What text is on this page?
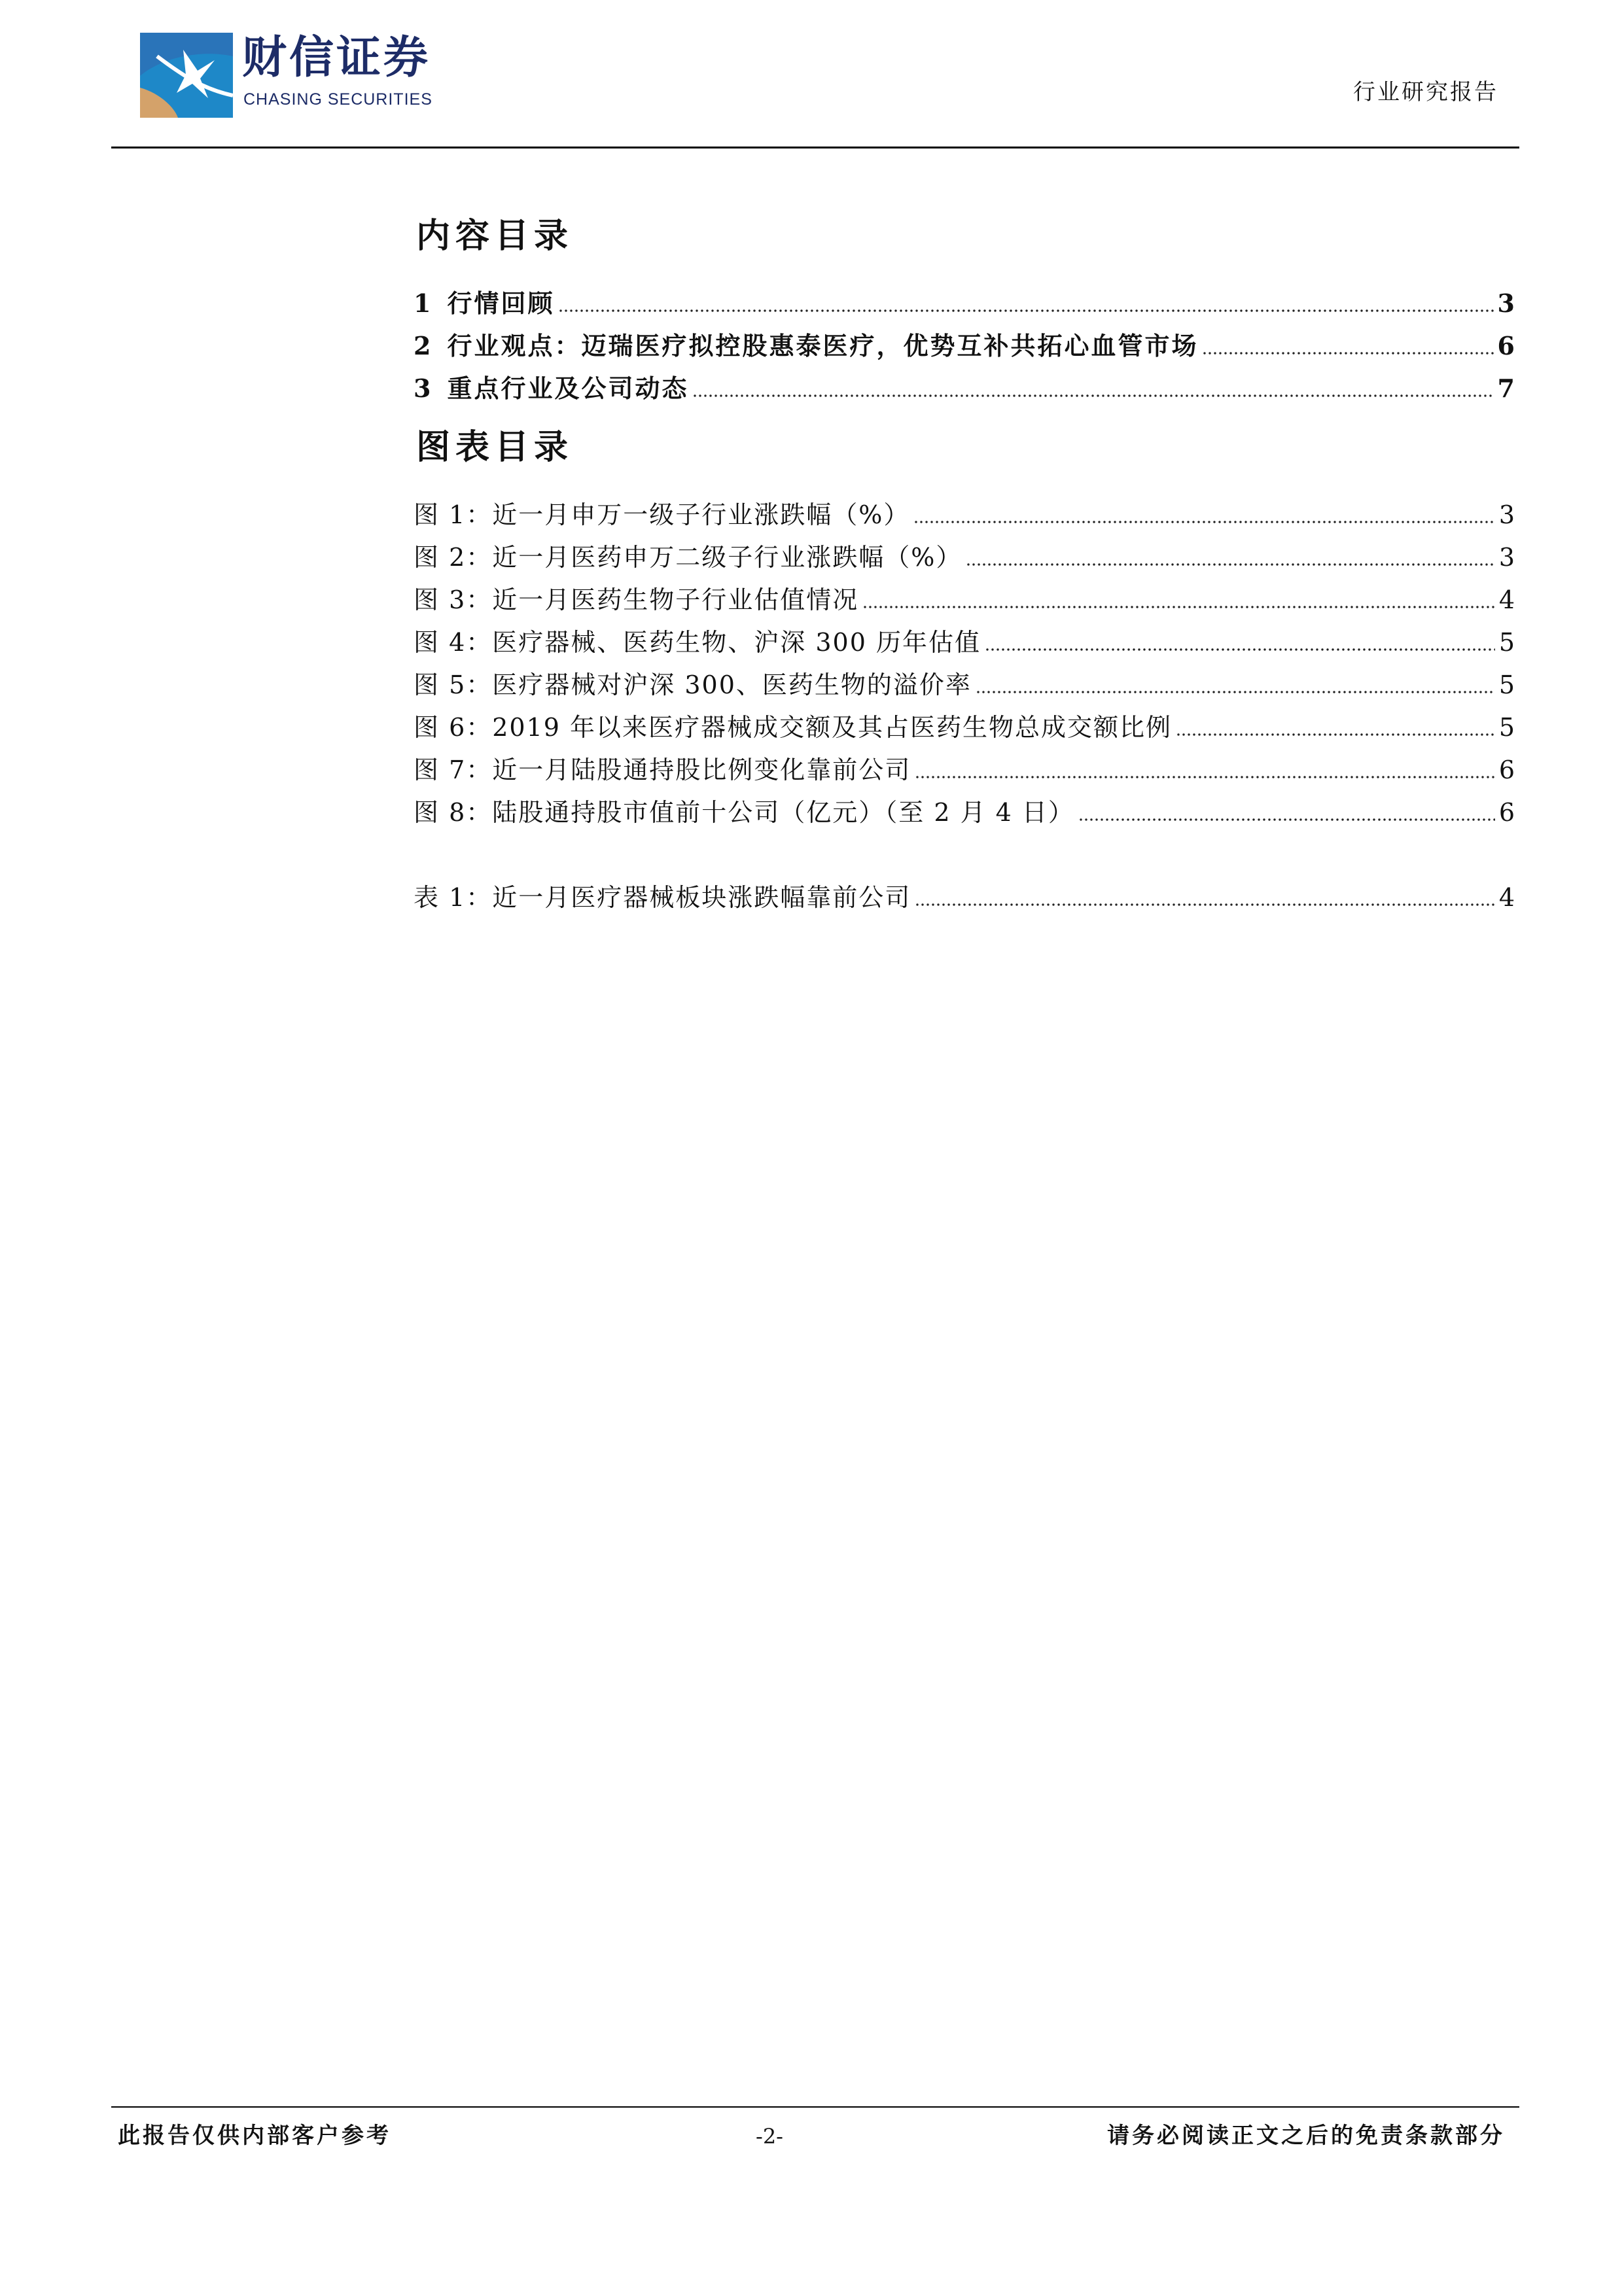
财信证券
CHASING SECURITIES	行业研究报告
内容目录
1 行情回顾	3
2 行业观点：迈瑞医疗拟控股惠泰医疗，优势互补共拓心血管市场	6
3 重点行业及公司动态	7
图表目录
图 1：近一月申万一级子行业涨跌幅（%）	3
图 2：近一月医药申万二级子行业涨跌幅（%）	3
图 3：近一月医药生物子行业估值情况	4
图 4：医疗器械、医药生物、沪深 300 历年估值	5
图 5：医疗器械对沪深 300、医药生物的溢价率	5
图 6：2019 年以来医疗器械成交额及其占医药生物总成交额比例	5
图 7：近一月陆股通持股比例变化靠前公司	6
图 8：陆股通持股市值前十公司（亿元）（至 2 月 4 日）	6
表 1：近一月医疗器械板块涨跌幅靠前公司	4
此报告仅供内部客户参考	-2-	请务必阅读正文之后的免责条款部分
